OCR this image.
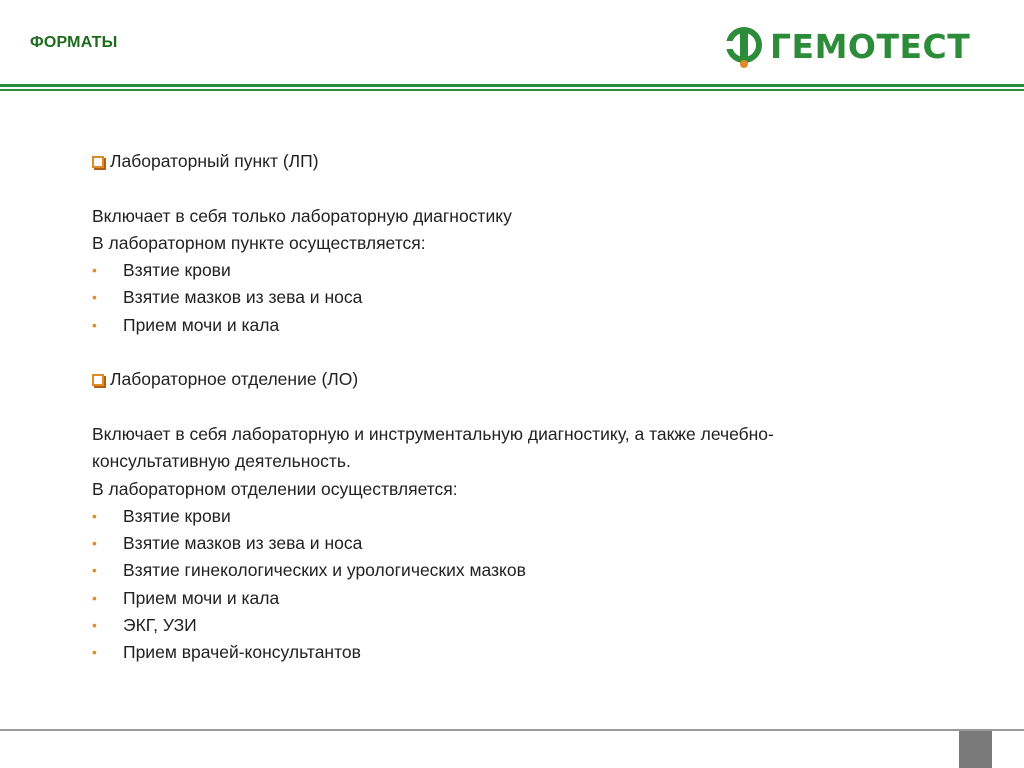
ФОРМАТЫ	ГЕМОТЕСТ
Лабораторный пункт (ЛП)

Включает в себя только лабораторную диагностику

В лабораторном пункте осуществляется:

• Взятие крови
• Взятие мазков из зева и носа
• Прием мочи и кала
Лабораторное отделение (ЛО)

Включает в себя лабораторную и инструментальную диагностику, а также лечебно-

консультативную деятельность.

В лабораторном отделении осуществляется:

• Взятие крови
• Взятие мазков из зева и носа
• Взятие гинекологических и урологических мазков
• Прием мочи и кала
• ЭКГ, УЗИ
• Прием врачей-консультантов
